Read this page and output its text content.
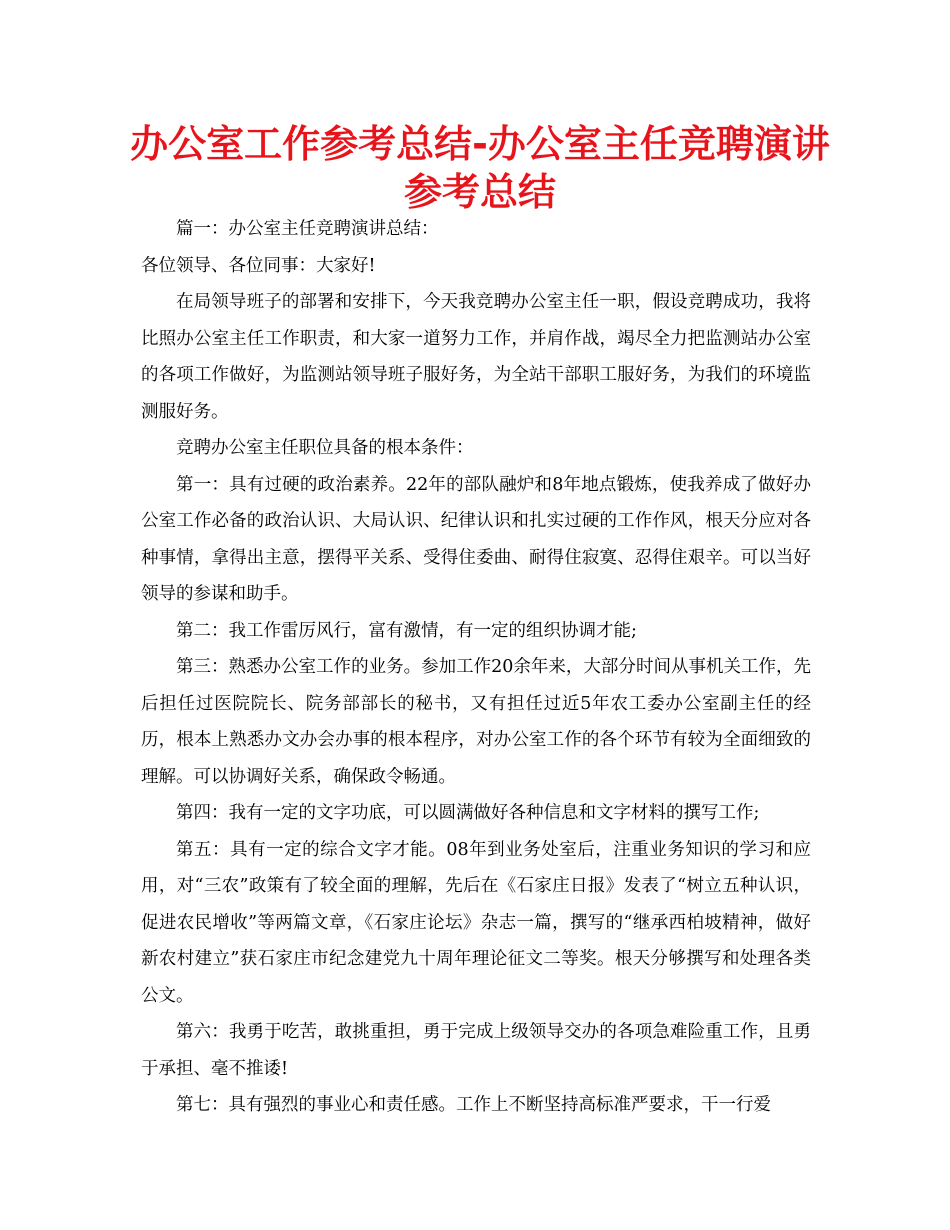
办公室工作参考总结-办公室主任竞聘演讲参考总结

篇一：办公室主任竞聘演讲总结：

各位领导、各位同事：大家好!

在局领导班子的部署和安排下，今天我竞聘办公室主任一职，假设竞聘成功，我将比照办公室主任工作职责，和大家一道努力工作，并肩作战，竭尽全力把监测站办公室的各项工作做好，为监测站领导班子服好务，为全站干部职工服好务，为我们的环境监测服好务。

竞聘办公室主任职位具备的根本条件：

第一：具有过硬的政治素养。22年的部队融炉和8年地点锻炼，使我养成了做好办公室工作必备的政治认识、大局认识、纪律认识和扎实过硬的工作作风，根天分应对各种事情，拿得出主意，摆得平关系、受得住委曲、耐得住寂寞、忍得住艰辛。可以当好领导的参谋和助手。

第二：我工作雷厉风行，富有激情，有一定的组织协调才能;

第三：熟悉办公室工作的业务。参加工作20余年来，大部分时间从事机关工作，先后担任过医院院长、院务部部长的秘书，又有担任过近5年农工委办公室副主任的经历，根本上熟悉办文办会办事的根本程序，对办公室工作的各个环节有较为全面细致的理解。可以协调好关系，确保政令畅通。

第四：我有一定的文字功底，可以圆满做好各种信息和文字材料的撰写工作;

第五：具有一定的综合文字才能。08年到业务处室后，注重业务知识的学习和应用，对“三农”政策有了较全面的理解，先后在《石家庄日报》发表了“树立五种认识，促进农民增收”等两篇文章，《石家庄论坛》杂志一篇，撰写的“继承西柏坡精神，做好新农村建立”获石家庄市纪念建党九十周年理论征文二等奖。根天分够撰写和处理各类公文。

第六：我勇于吃苦，敢挑重担，勇于完成上级领导交办的各项急难险重工作，且勇于承担、毫不推诿!

第七：具有强烈的事业心和责任感。工作上不断坚持高标准严要求，干一行爱
